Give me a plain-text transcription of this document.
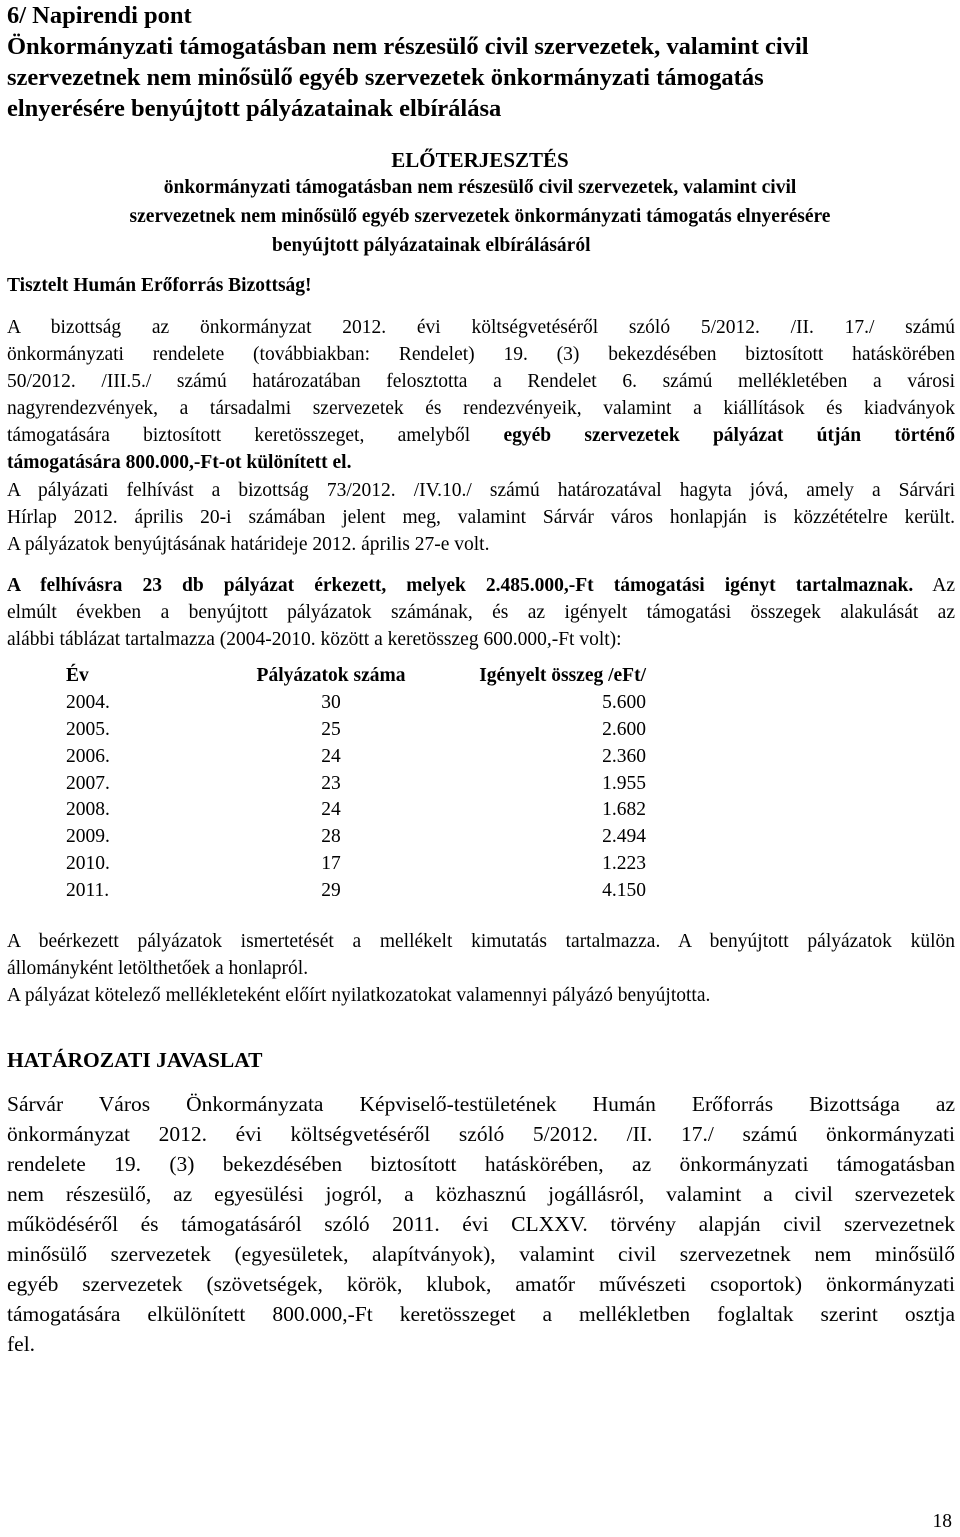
6/ Napirendi pont
Önkormányzati támogatásban nem részesülő civil szervezetek, valamint civil
szervezetnek nem minősülő egyéb szervezetek önkormányzati támogatás
elnyerésére benyújtott pályázatainak elbírálása
ELŐTERJESZTÉS
önkormányzati támogatásban nem részesülő civil szervezetek, valamint civil
szervezetnek nem minősülő egyéb szervezetek önkormányzati támogatás elnyerésére
benyújtott pályázatainak elbírálásáról
Tisztelt Humán Erőforrás Bizottság!
A bizottság az önkormányzat 2012. évi költségvetéséről szóló 5/2012. /II. 17./ számú
önkormányzati rendelete (továbbiakban: Rendelet) 19. (3) bekezdésében biztosított hatáskörében
50/2012. /III.5./ számú határozatában felosztotta a Rendelet 6. számú mellékletében a városi
nagyrendezvények, a társadalmi szervezetek és rendezvényeik, valamint a kiállítások és kiadványok
támogatására biztosított keretösszeget, amelyből egyéb szervezetek pályázat útján történő
támogatására 800.000,-Ft-ot különített el.
A pályázati felhívást a bizottság 73/2012. /IV.10./ számú határozatával hagyta jóvá, amely a Sárvári
Hírlap 2012. április 20-i számában jelent meg, valamint Sárvár város honlapján is közzétételre került.
A pályázatok benyújtásának határideje 2012. április 27-e volt.
A felhívásra 23 db pályázat érkezett, melyek 2.485.000,-Ft támogatási igényt tartalmaznak. Az
elmúlt években a benyújtott pályázatok számának, és az igényelt támogatási összegek alakulását az
alábbi táblázat tartalmazza (2004-2010. között a keretösszeg 600.000,-Ft volt):
Év	Pályázatok száma	Igényelt összeg /eFt/
2004.	30	5.600
2005.	25	2.600
2006.	24	2.360
2007.	23	1.955
2008.	24	1.682
2009.	28	2.494
2010.	17	1.223
2011.	29	4.150
A beérkezett pályázatok ismertetését a mellékelt kimutatás tartalmazza. A benyújtott pályázatok külön
állományként letölthetőek a honlapról.
A pályázat kötelező mellékleteként előírt nyilatkozatokat valamennyi pályázó benyújtotta.
HATÁROZATI JAVASLAT
Sárvár Város Önkormányzata Képviselő-testületének Humán Erőforrás Bizottsága az
önkormányzat 2012. évi költségvetéséről szóló 5/2012. /II. 17./ számú önkormányzati
rendelete 19. (3) bekezdésében biztosított hatáskörében, az önkormányzati támogatásban
nem részesülő, az egyesülési jogról, a közhasznú jogállásról, valamint a civil szervezetek
működéséről és támogatásáról szóló 2011. évi CLXXV. törvény alapján civil szervezetnek
minősülő szervezetek (egyesületek, alapítványok), valamint civil szervezetnek nem minősülő
egyéb szervezetek (szövetségek, körök, klubok, amatőr művészeti csoportok) önkormányzati
támogatására elkülönített 800.000,-Ft keretösszeget a mellékletben foglaltak szerint osztja
fel.
18
